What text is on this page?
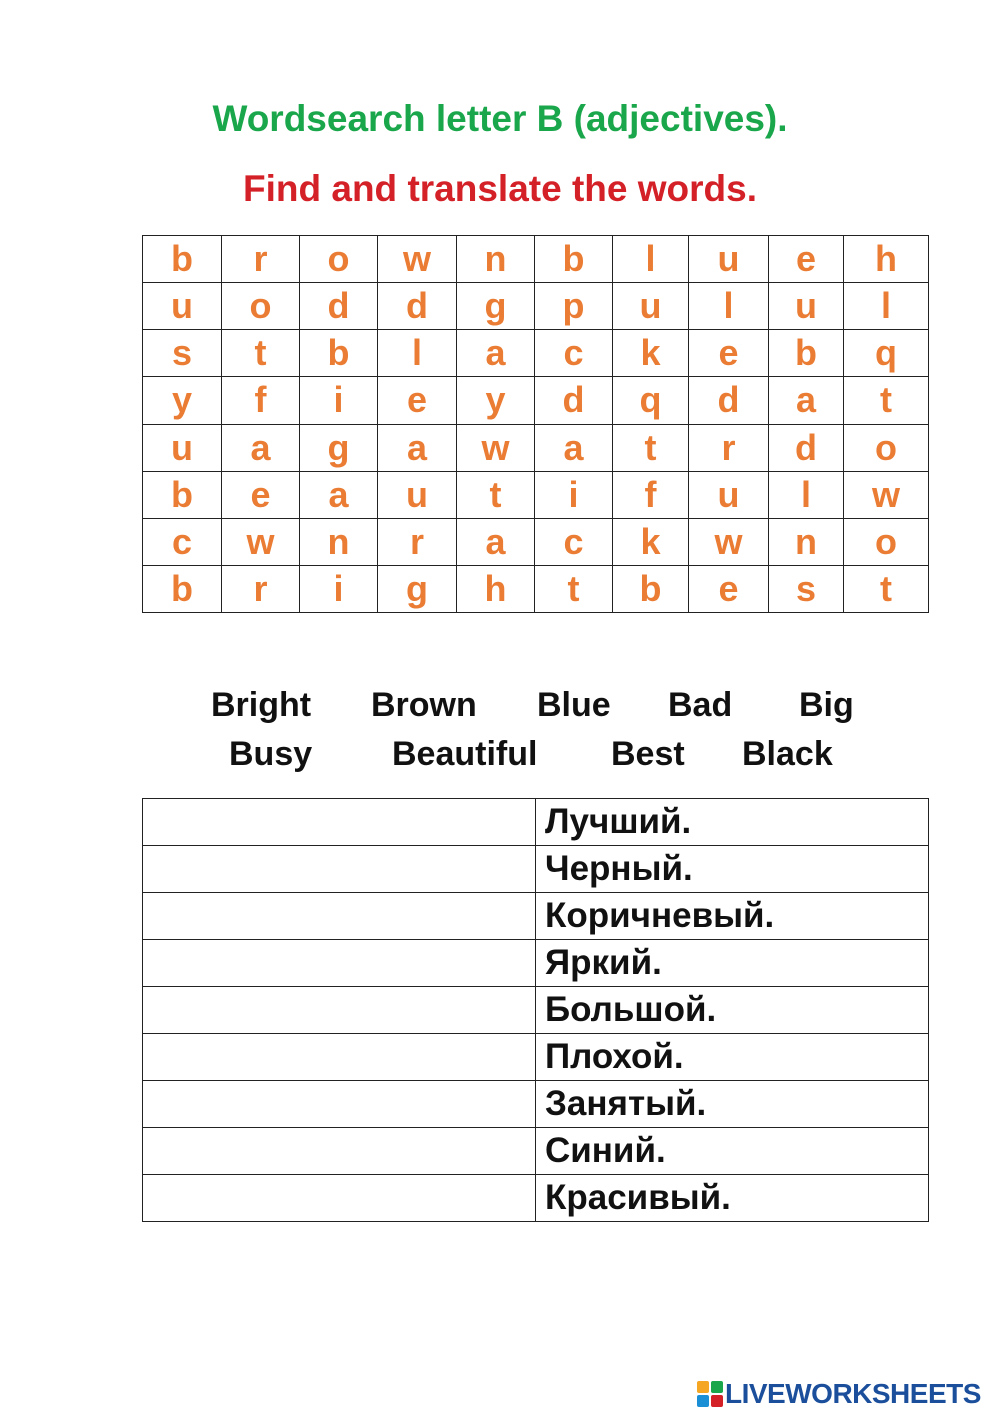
Wordsearch letter B (adjectives).
Find and translate the words.
b	r	o	w	n	b	l	u	e	h
u	o	d	d	g	p	u	l	u	l
s	t	b	l	a	c	k	e	b	q
y	f	i	e	y	d	q	d	a	t
u	a	g	a	w	a	t	r	d	o
b	e	a	u	t	i	f	u	l	w
c	w	n	r	a	c	k	w	n	o
b	r	i	g	h	t	b	e	s	t
Bright Brown Blue Bad Big
Busy Beautiful Best Black
	Лучший.
	Черный.
	Коричневый.
	Яркий.
	Большой.
	Плохой.
	Занятый.
	Синий.
	Красивый.
LIVEWORKSHEETS
